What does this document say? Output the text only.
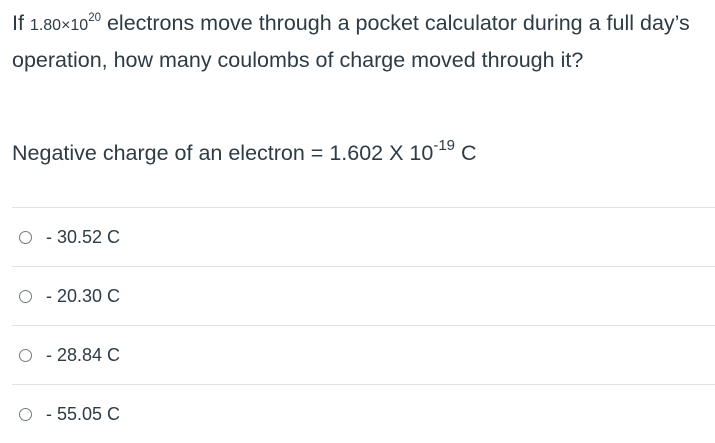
If $1.80\times 10^{20}$ electrons move through a pocket calculator during a full day’s operation, how many coulombs of charge moved through it?

Negative charge of an electron = 1.602 X $10^{-19}$ C
- 30.52 C
- 20.30 C
- 28.84 C
- 55.05 C
